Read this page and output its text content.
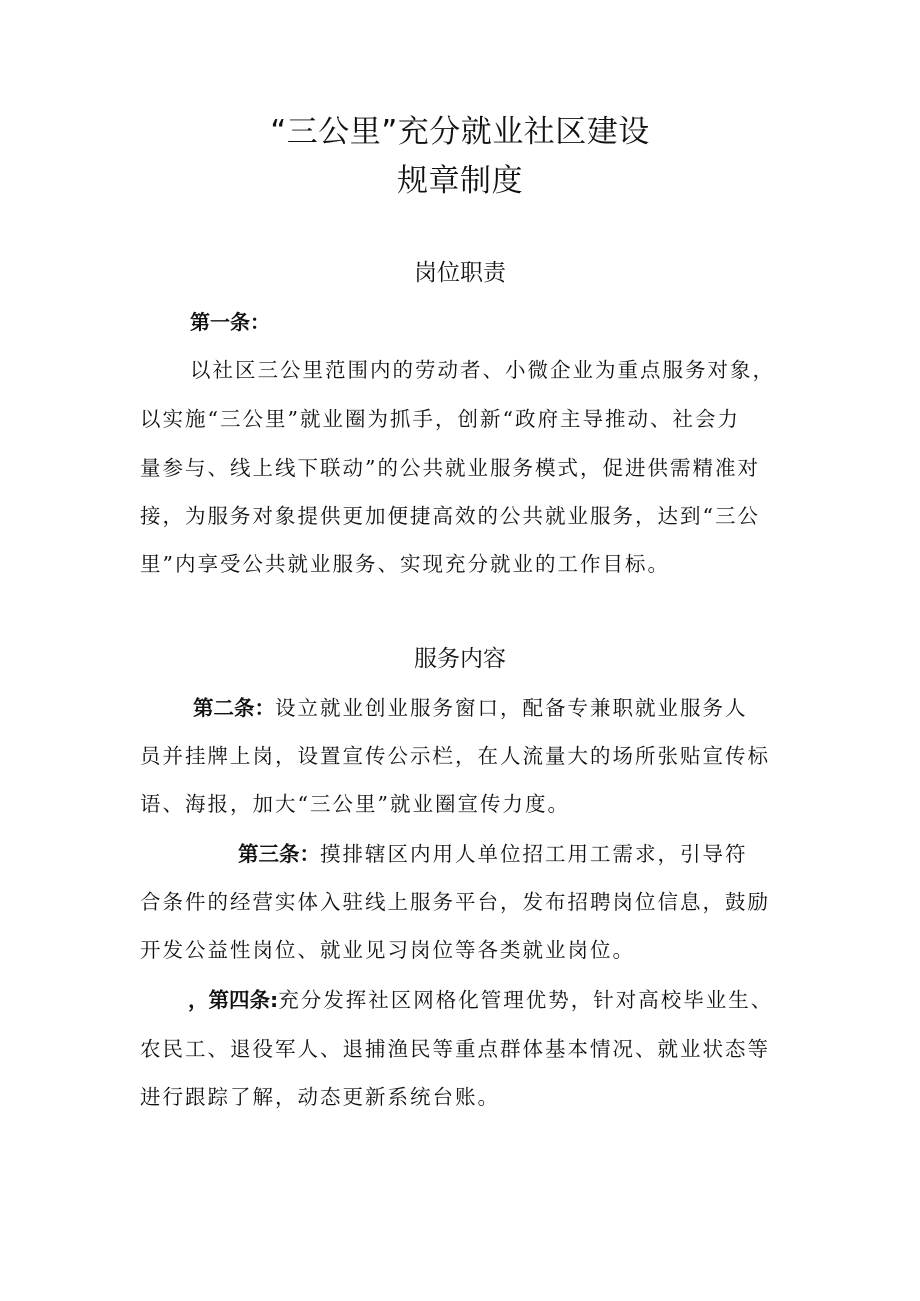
“三公里”充分就业社区建设
规章制度
岗位职责
第一条：
以社区三公里范围内的劳动者、小微企业为重点服务对象，
以实施“三公里”就业圈为抓手，创新“政府主导推动、社会力
量参与、线上线下联动”的公共就业服务模式，促进供需精准对
接，为服务对象提供更加便捷高效的公共就业服务，达到“三公
里”内享受公共就业服务、实现充分就业的工作目标。
服务内容
第二条：设立就业创业服务窗口，配备专兼职就业服务人
员并挂牌上岗，设置宣传公示栏，在人流量大的场所张贴宣传标
语、海报，加大“三公里”就业圈宣传力度。
第三条：摸排辖区内用人单位招工用工需求，引导符
合条件的经营实体入驻线上服务平台，发布招聘岗位信息，鼓励
开发公益性岗位、就业见习岗位等各类就业岗位。
，第四条:充分发挥社区网格化管理优势，针对高校毕业生、
农民工、退役军人、退捕渔民等重点群体基本情况、就业状态等
进行跟踪了解，动态更新系统台账。
